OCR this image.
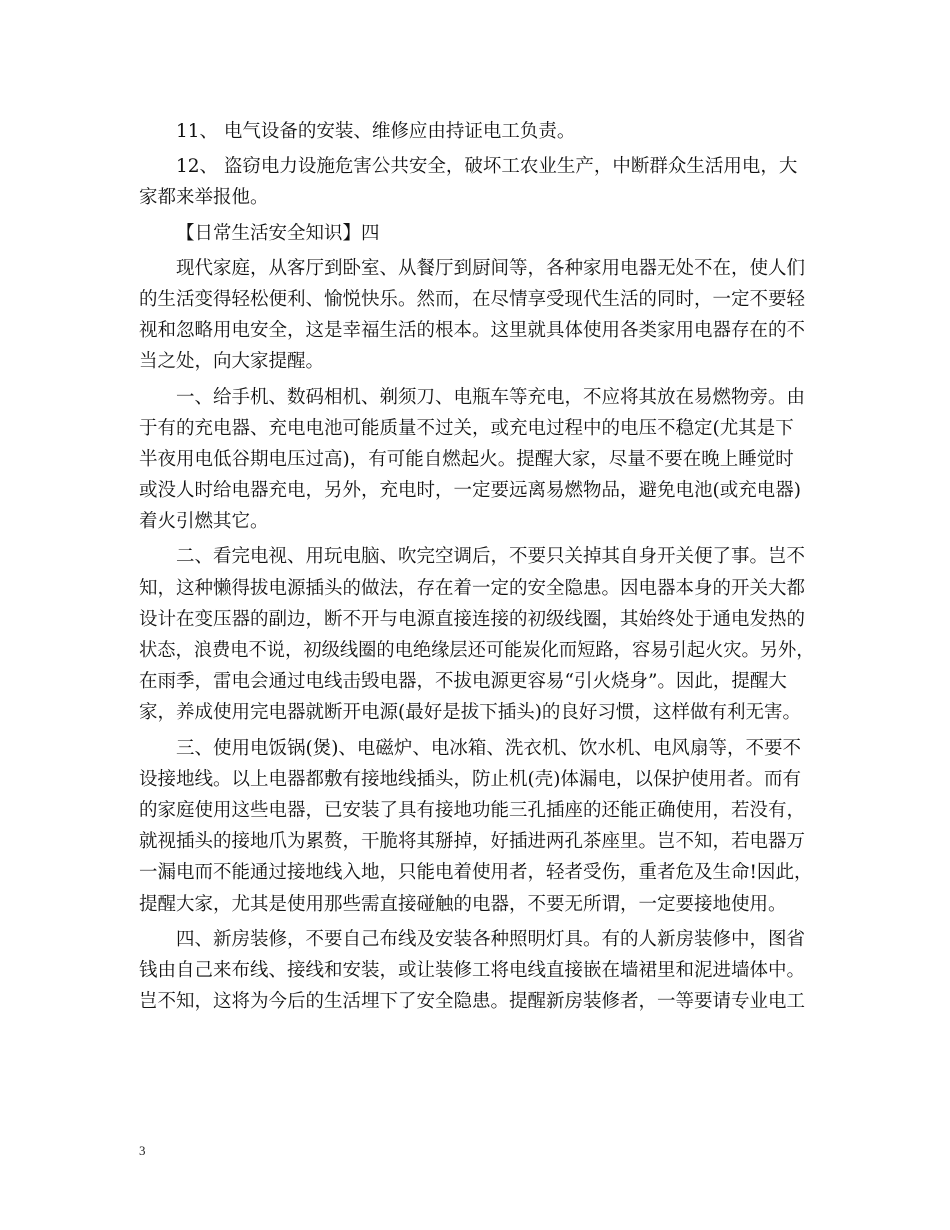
11、 电气设备的安装、维修应由持证电工负责。
12、 盗窃电力设施危害公共安全，破坏工农业生产，中断群众生活用电，大
家都来举报他。
【日常生活安全知识】四
现代家庭，从客厅到卧室、从餐厅到厨间等，各种家用电器无处不在，使人们
的生活变得轻松便利、愉悦快乐。然而，在尽情享受现代生活的同时，一定不要轻
视和忽略用电安全，这是幸福生活的根本。这里就具体使用各类家用电器存在的不
当之处，向大家提醒。
一、给手机、数码相机、剃须刀、电瓶车等充电，不应将其放在易燃物旁。由
于有的充电器、充电电池可能质量不过关，或充电过程中的电压不稳定(尤其是下
半夜用电低谷期电压过高)，有可能自燃起火。提醒大家，尽量不要在晚上睡觉时
或没人时给电器充电，另外，充电时，一定要远离易燃物品，避免电池(或充电器)
着火引燃其它。
二、看完电视、用玩电脑、吹完空调后，不要只关掉其自身开关便了事。岂不
知，这种懒得拔电源插头的做法，存在着一定的安全隐患。因电器本身的开关大都
设计在变压器的副边，断不开与电源直接连接的初级线圈，其始终处于通电发热的
状态，浪费电不说，初级线圈的电绝缘层还可能炭化而短路，容易引起火灾。另外，
在雨季，雷电会通过电线击毁电器，不拔电源更容易“引火烧身”。因此，提醒大
家，养成使用完电器就断开电源(最好是拔下插头)的良好习惯，这样做有利无害。
三、使用电饭锅(煲)、电磁炉、电冰箱、洗衣机、饮水机、电风扇等，不要不
设接地线。以上电器都敷有接地线插头，防止机(壳)体漏电，以保护使用者。而有
的家庭使用这些电器，已安装了具有接地功能三孔插座的还能正确使用，若没有，
就视插头的接地爪为累赘，干脆将其掰掉，好插进两孔茶座里。岂不知，若电器万
一漏电而不能通过接地线入地，只能电着使用者，轻者受伤，重者危及生命!因此，
提醒大家，尤其是使用那些需直接碰触的电器，不要无所谓，一定要接地使用。
四、新房装修，不要自己布线及安装各种照明灯具。有的人新房装修中，图省
钱由自己来布线、接线和安装，或让装修工将电线直接嵌在墙裙里和泥进墙体中。
岂不知，这将为今后的生活埋下了安全隐患。提醒新房装修者，一等要请专业电工
3
